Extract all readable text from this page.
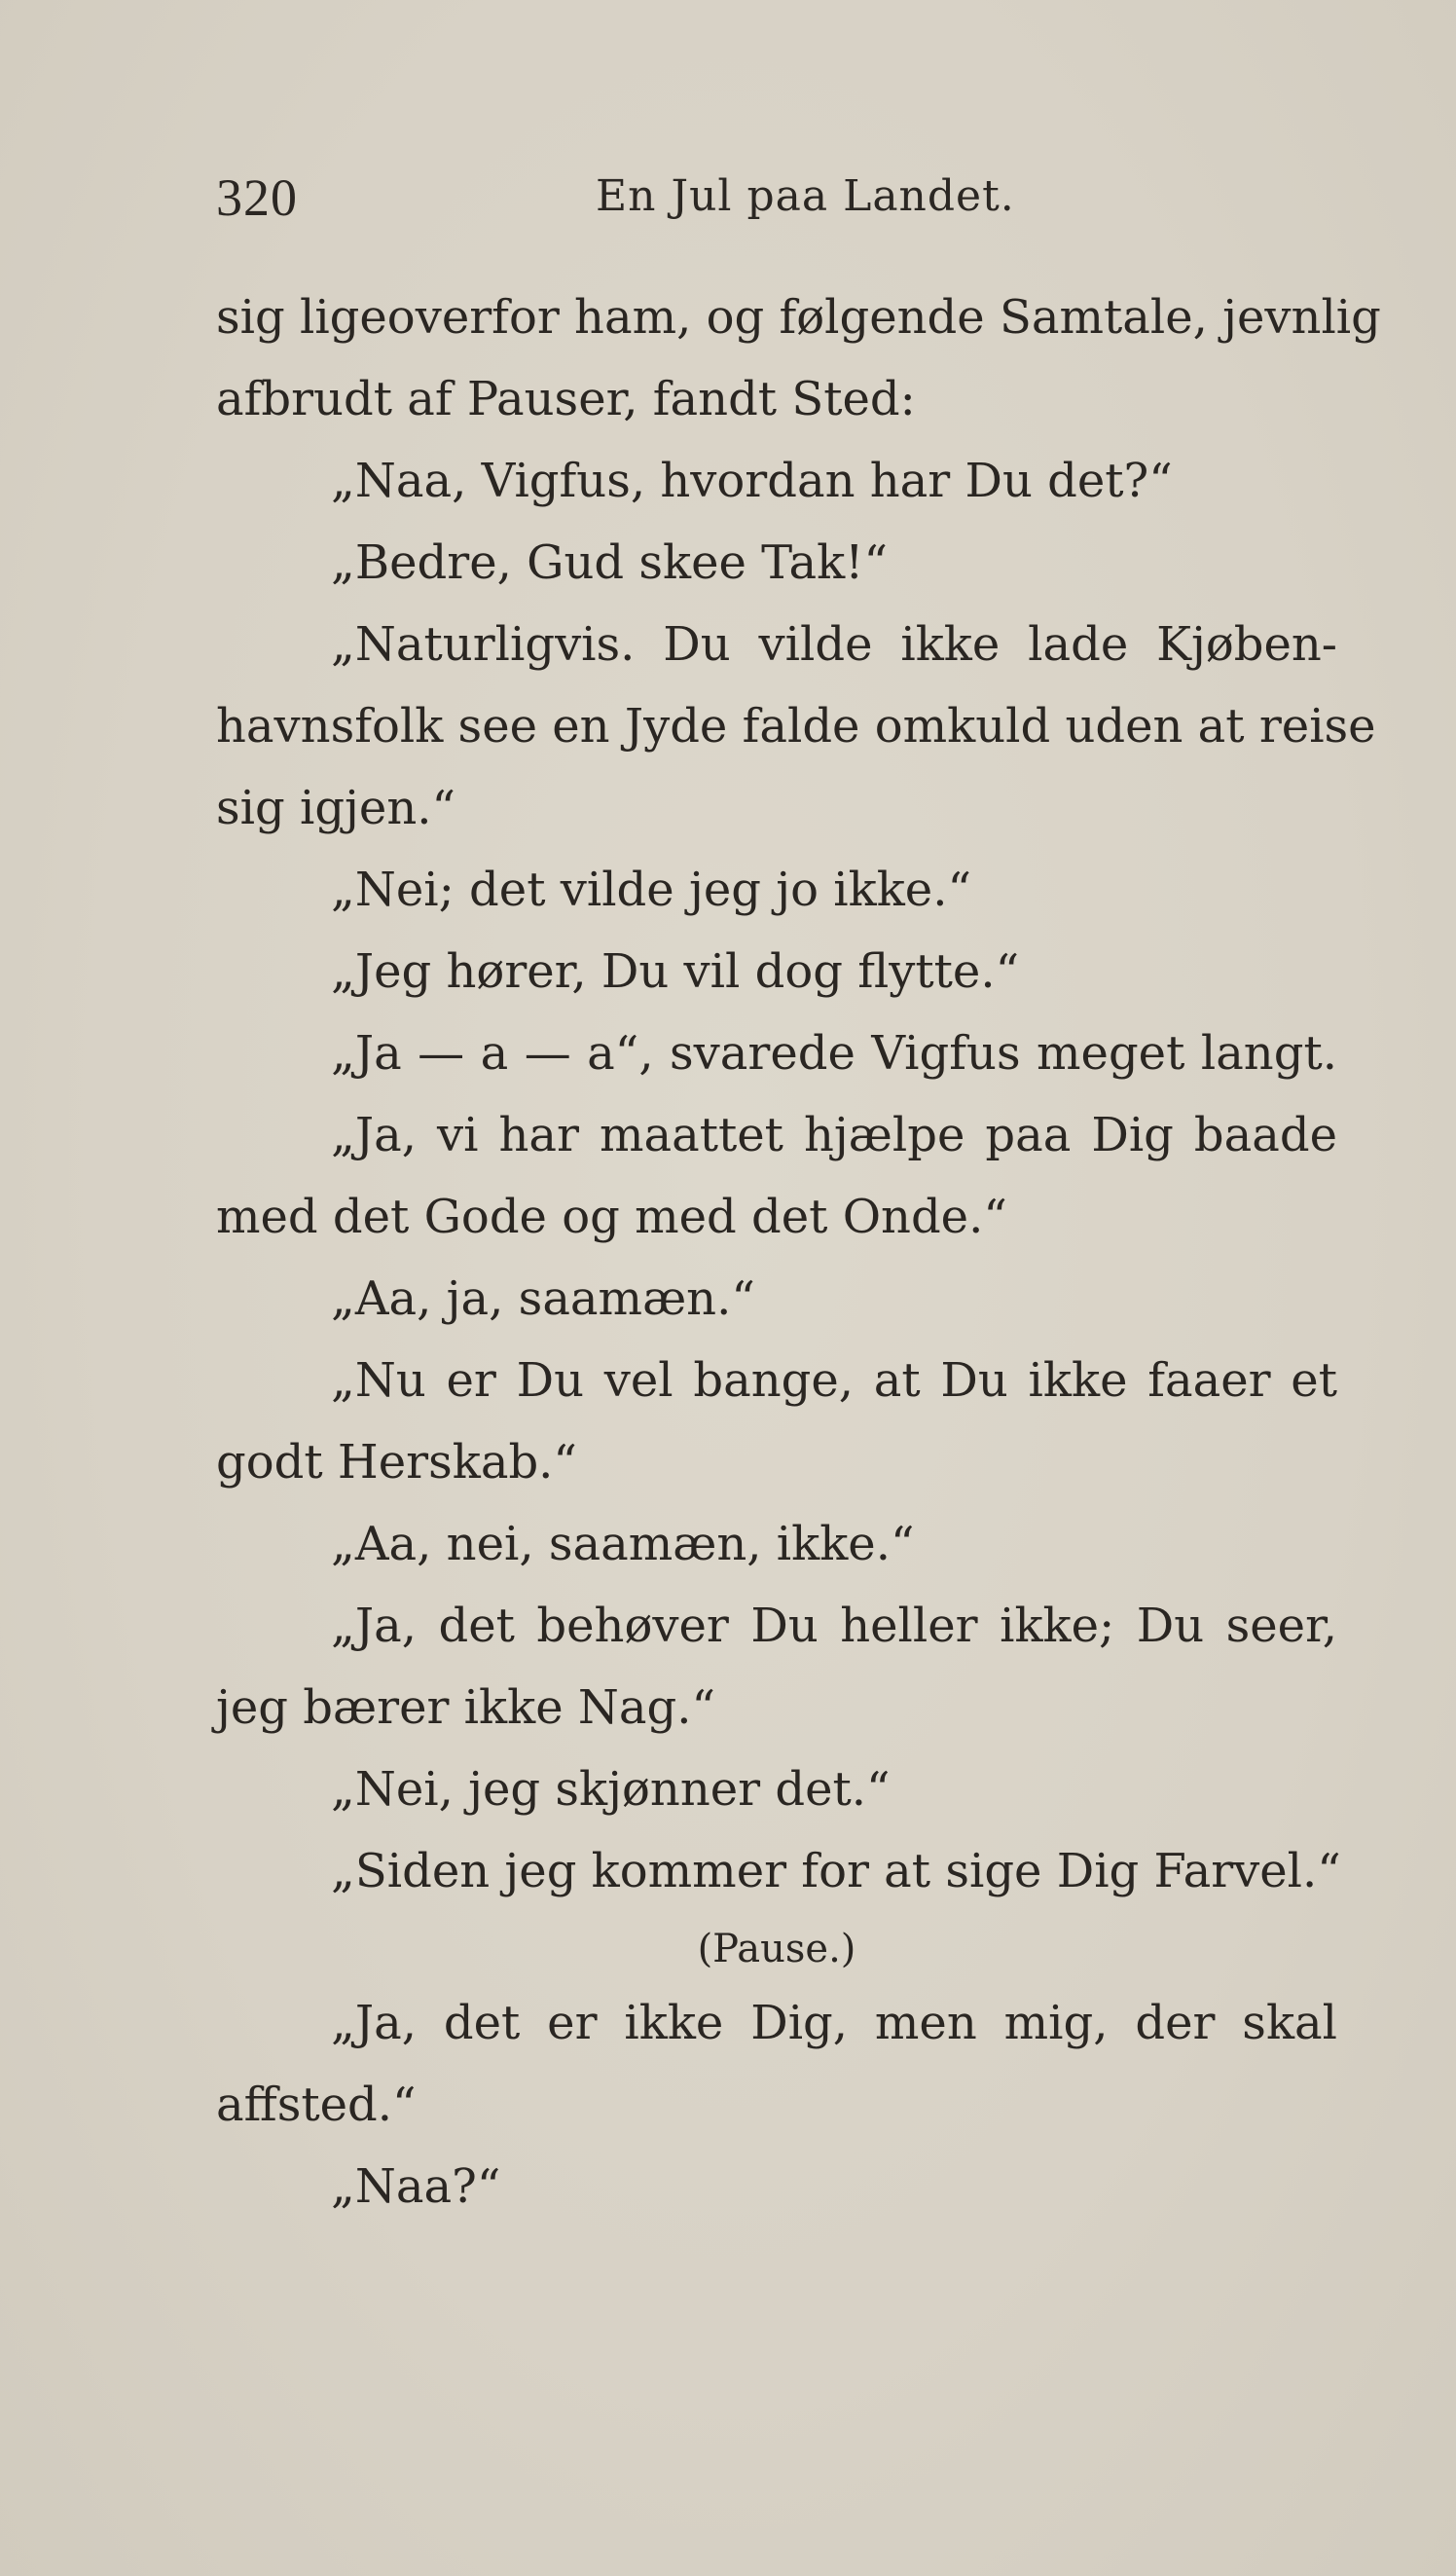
320	En Jul paa Landet.
sig ligeoverfor ham, og følgende Samtale, jevnlig
afbrudt af Pauser, fandt Sted:
„Naa, Vigfus, hvordan har Du det?“
„Bedre, Gud skee Tak!“
„Naturligvis. Du vilde ikke lade Kjøben-
havnsfolk see en Jyde falde omkuld uden at reise
sig igjen.“
„Nei; det vilde jeg jo ikke.“
„Jeg hører, Du vil dog flytte.“
„Ja — a — a“, svarede Vigfus meget langt.
„Ja, vi har maattet hjælpe paa Dig baade
med det Gode og med det Onde.“
„Aa, ja, saamæn.“
„Nu er Du vel bange, at Du ikke faaer et
godt Herskab.“
„Aa, nei, saamæn, ikke.“
„Ja, det behøver Du heller ikke; Du seer,
jeg bærer ikke Nag.“
„Nei, jeg skjønner det.“
„Siden jeg kommer for at sige Dig Farvel.“
(Pause.)
„Ja, det er ikke Dig, men mig, der skal
affsted.“
„Naa?“
